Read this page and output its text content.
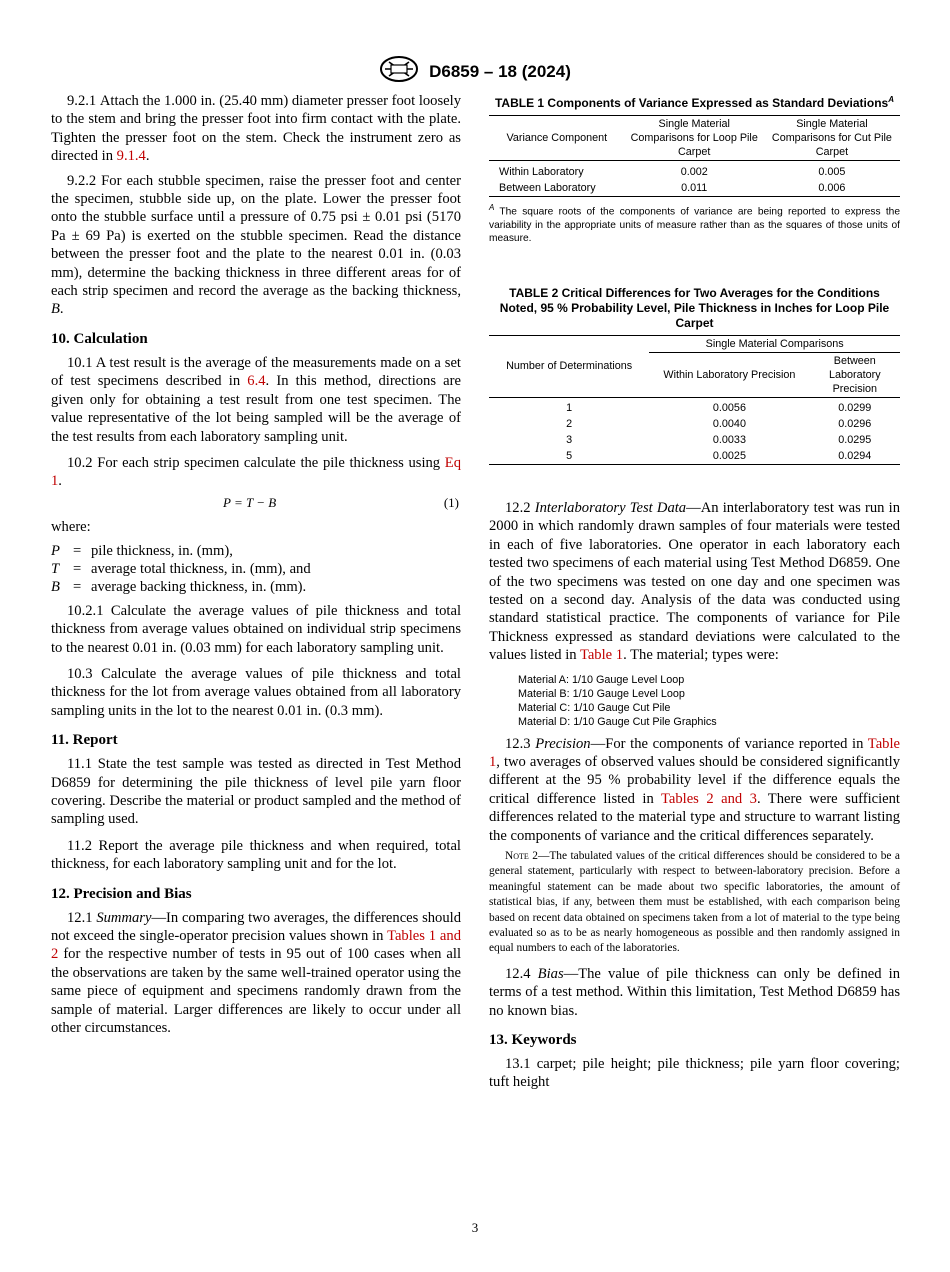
D6859 – 18 (2024)

9.2.1 Attach the 1.000 in. (25.40 mm) diameter presser foot loosely to the stem and bring the presser foot into firm contact with the plate. Tighten the presser foot on the stem. Check the instrument zero as directed in 9.1.4.

9.2.2 For each stubble specimen, raise the presser foot and center the specimen, stubble side up, on the plate. Lower the presser foot onto the stubble surface until a pressure of 0.75 psi ± 0.01 psi (5170 Pa ± 69 Pa) is exerted on the stubble specimen. Read the distance between the presser foot and the plate to the nearest 0.01 in. (0.03 mm), determine the backing thickness in three different areas for of each strip specimen and record the average as the backing thickness, B.

10. Calculation

10.1 A test result is the average of the measurements made on a set of test specimens described in 6.4. In this method, directions are given only for obtaining a test result from one test specimen. The value representative of the lot being sampled will be the average of the test results from each laboratory sampling unit.

10.2 For each strip specimen calculate the pile thickness using Eq 1.

P = T − B	(1)
where:
P = pile thickness, in. (mm),
T = average total thickness, in. (mm), and
B = average backing thickness, in. (mm).

10.2.1 Calculate the average values of pile thickness and total thickness from average values obtained on individual strip specimens to the nearest 0.01 in. (0.03 mm) for each laboratory sampling unit.

10.3 Calculate the average values of pile thickness and total thickness for the lot from average values obtained from all laboratory sampling units in the lot to the nearest 0.01 in. (0.3 mm).

11. Report

11.1 State the test sample was tested as directed in Test Method D6859 for determining the pile thickness of level pile yarn floor covering. Describe the material or product sampled and the method of sampling used.

11.2 Report the average pile thickness and when required, total thickness, for each laboratory sampling unit and for the lot.

12. Precision and Bias

12.1 Summary—In comparing two averages, the differences should not exceed the single-operator precision values shown in Tables 1 and 2 for the respective number of tests in 95 out of 100 cases when all the observations are taken by the same well-trained operator using the same piece of equipment and specimens randomly drawn from the sample of material. Larger differences are likely to occur under all other circumstances.

TABLE 1 Components of Variance Expressed as Standard Deviations$^A$
Variance Component	Single Material Comparisons for Loop Pile Carpet	Single Material Comparisons for Cut Pile Carpet
Within Laboratory	0.002	0.005
Between Laboratory	0.011	0.006
$^A$ The square roots of the components of variance are being reported to express the variability in the appropriate units of measure rather than as the squares of those units of measure.
TABLE 2 Critical Differences for Two Averages for the Conditions Noted, 95 % Probability Level, Pile Thickness in Inches for Loop Pile Carpet
Number of Determinations	Single Material Comparisons	
	Within Laboratory Precision	Between Laboratory Precision
1	0.0056	0.0299
2	0.0040	0.0296
3	0.0033	0.0295
5	0.0025	0.0294

12.2 Interlaboratory Test Data—An interlaboratory test was run in 2000 in which randomly drawn samples of four materials were tested in each of five laboratories. One operator in each laboratory each tested two specimens of each material using Test Method D6859. One of the two specimens was tested on one day and one specimen was tested on a second day. Analysis of the data was conducted using standard statistical practice. The components of variance for Pile Thickness expressed as standard deviations were calculated to the values listed in Table 1. The material; types were:

Material A: 1/10 Gauge Level Loop
Material B: 1/10 Gauge Level Loop
Material C: 1/10 Gauge Cut Pile
Material D: 1/10 Gauge Cut Pile Graphics

12.3 Precision—For the components of variance reported in Table 1, two averages of observed values should be considered significantly different at the 95 % probability level if the difference equals the critical difference listed in Tables 2 and 3. There were sufficient differences related to the material type and structure to warrant listing the components of variance and the critical differences separately.

Note 2—The tabulated values of the critical differences should be considered to be a general statement, particularly with respect to between-laboratory precision. Before a meaningful statement can be made about two specific laboratories, the amount of statistical bias, if any, between them must be established, with each comparison being based on recent data obtained on specimens taken from a lot of material to the type being evaluated so as to be as nearly homogeneous as possible and then randomly assigned in equal numbers to each of the laboratories.

12.4 Bias—The value of pile thickness can only be defined in terms of a test method. Within this limitation, Test Method D6859 has no known bias.

13. Keywords

13.1 carpet; pile height; pile thickness; pile yarn floor covering; tuft height

3
